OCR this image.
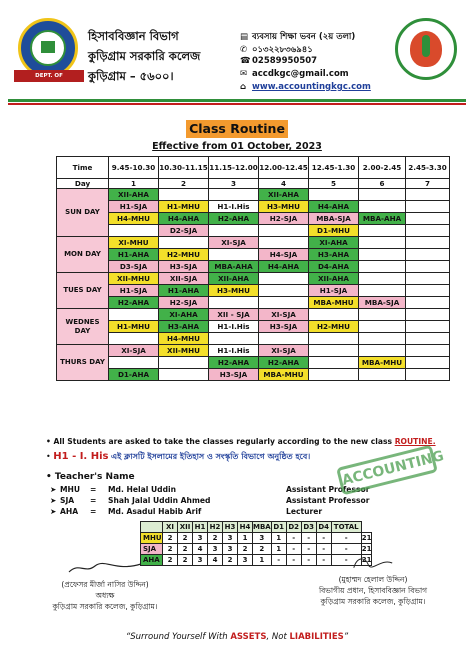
DEPT. OF ACCOUNTING
হিসাববিজ্ঞান বিভাগ
কুড়িগ্রাম সরকারি কলেজ
কুড়িগ্রাম – ৫৬০০।
▤ ব্যবসায় শিক্ষা ভবন (২য় তলা)
✆ ০১৩২২৮৩৬৯৪১
☎02589950507
✉ accdkgc@gmail.com
⌂ www.accountingkgc.com
Class Routine
Effective from 01 October, 2023
Time	9.45-10.30	10.30-11.15	11.15-12.00	12.00-12.45	12.45-1.30	2.00-2.45	2.45-3.30
Day	1	2	3	4	5	6	7
SUN DAY	XII-AHA			XII-AHA			
	H1-SJA	H1-MHU	H1-I.His	H3-MHU	H4-AHA		
	H4-MHU	H4-AHA	H2-AHA	H2-SJA	MBA-SJA	MBA-AHA	
		D2-SJA			D1-MHU		
MON DAY	XI-MHU		XI-SJA		XI-AHA		
	H1-AHA	H2-MHU		H4-SJA	H3-AHA		
	D3-SJA	H3-SJA	MBA-AHA	H4-AHA	D4-AHA		
TUES DAY	XII-MHU	XII-SJA	XII-AHA		XII-AHA		
	H1-SJA	H1-AHA	H3-MHU		H1-SJA		
	H2-AHA	H2-SJA			MBA-MHU	MBA-SJA	
WEDNES DAY		XI-AHA	XII - SJA	XI-SJA			
	H1-MHU	H3-AHA	H1-I.His	H3-SJA	H2-MHU		
		H4-MHU					
THURS DAY	XI-SJA	XII-MHU	H1-I.His	XI-SJA			
			H2-AHA	H2-AHA		MBA-MHU	
	D1-AHA		H3-SJA	MBA-MHU			
• All Students are asked to take the classes regularly according to the new class ROUTINE.
• H1 - I. His এই ক্লাসটি ইসলামের ইতিহাস ও সংস্কৃতি বিভাগে অনুষ্ঠিত হবে।
• Teacher's Name
➤ MHU = Md. Helal Uddin	Assistant Professor
➤ SJA = Shah Jalal Uddin Ahmed	Assistant Professor
➤ AHA = Md. Asadul Habib Arif	Lecturer
ACCOUNTING
	XI	XII	H1	H2	H3	H4	MBA	D1	D2	D3	D4	TOTAL	
MHU	2	2	3	2	3	1	3	1	-	-	-	-	21
SJA	2	2	4	3	3	2	2	1	-	-	-	-	21
AHA	2	2	3	4	2	3	1	-	-	-	-	-	21
(প্রফেসর মীর্জা নাসির উদ্দিন)
অধ্যক্ষ
কুড়িগ্রাম সরকারি কলেজ, কুড়িগ্রাম।
(মুহাম্মদ হেলাল উদ্দিন)
বিভাগীয় প্রধান, হিসাববিজ্ঞান বিভাগ
কুড়িগ্রাম সরকারি কলেজ, কুড়িগ্রাম।
“Surround Yourself With ASSETS, Not LIABILITIES”
